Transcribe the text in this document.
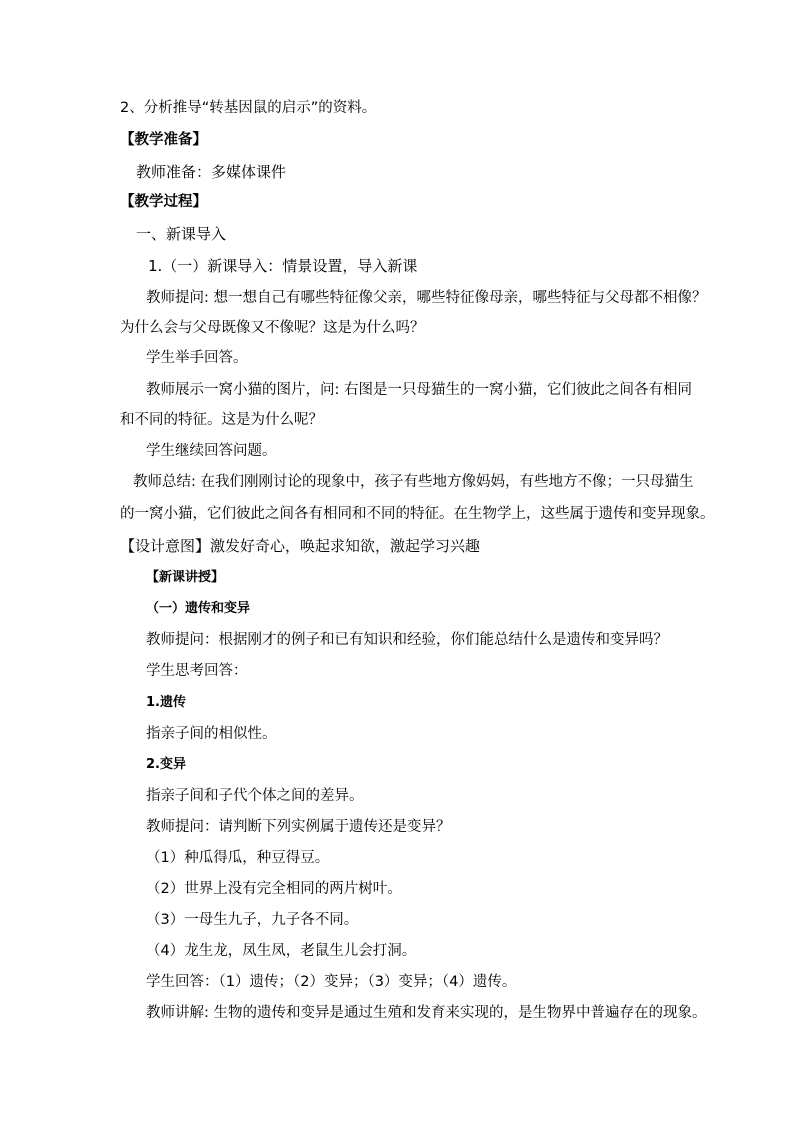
2、分析推导“转基因鼠的启示”的资料。
【教学准备】
教师准备：多媒体课件
【教学过程】
一、新课导入
1.（一）新课导入：情景设置，导入新课
教师提问: 想一想自己有哪些特征像父亲，哪些特征像母亲，哪些特征与父母都不相像？
为什么会与父母既像又不像呢？这是为什么吗？
学生举手回答。
教师展示一窝小猫的图片，问: 右图是一只母猫生的一窝小猫，它们彼此之间各有相同
和不同的特征。这是为什么呢？
学生继续回答问题。
教师总结: 在我们刚刚讨论的现象中，孩子有些地方像妈妈，有些地方不像；一只母猫生
的一窝小猫，它们彼此之间各有相同和不同的特征。在生物学上，这些属于遗传和变异现象。
【设计意图】激发好奇心，唤起求知欲，激起学习兴趣
【新课讲授】
（一）遗传和变异
教师提问：根据刚才的例子和已有知识和经验，你们能总结什么是遗传和变异吗？
学生思考回答：
1.遗传
指亲子间的相似性。
2.变异
指亲子间和子代个体之间的差异。
教师提问：请判断下列实例属于遗传还是变异？
（1）种瓜得瓜，种豆得豆。
（2）世界上没有完全相同的两片树叶。
（3）一母生九子，九子各不同。
（4）龙生龙，凤生凤，老鼠生儿会打洞。
学生回答：（1）遗传；（2）变异；（3）变异；（4）遗传。
教师讲解: 生物的遗传和变异是通过生殖和发育来实现的，是生物界中普遍存在的现象。
